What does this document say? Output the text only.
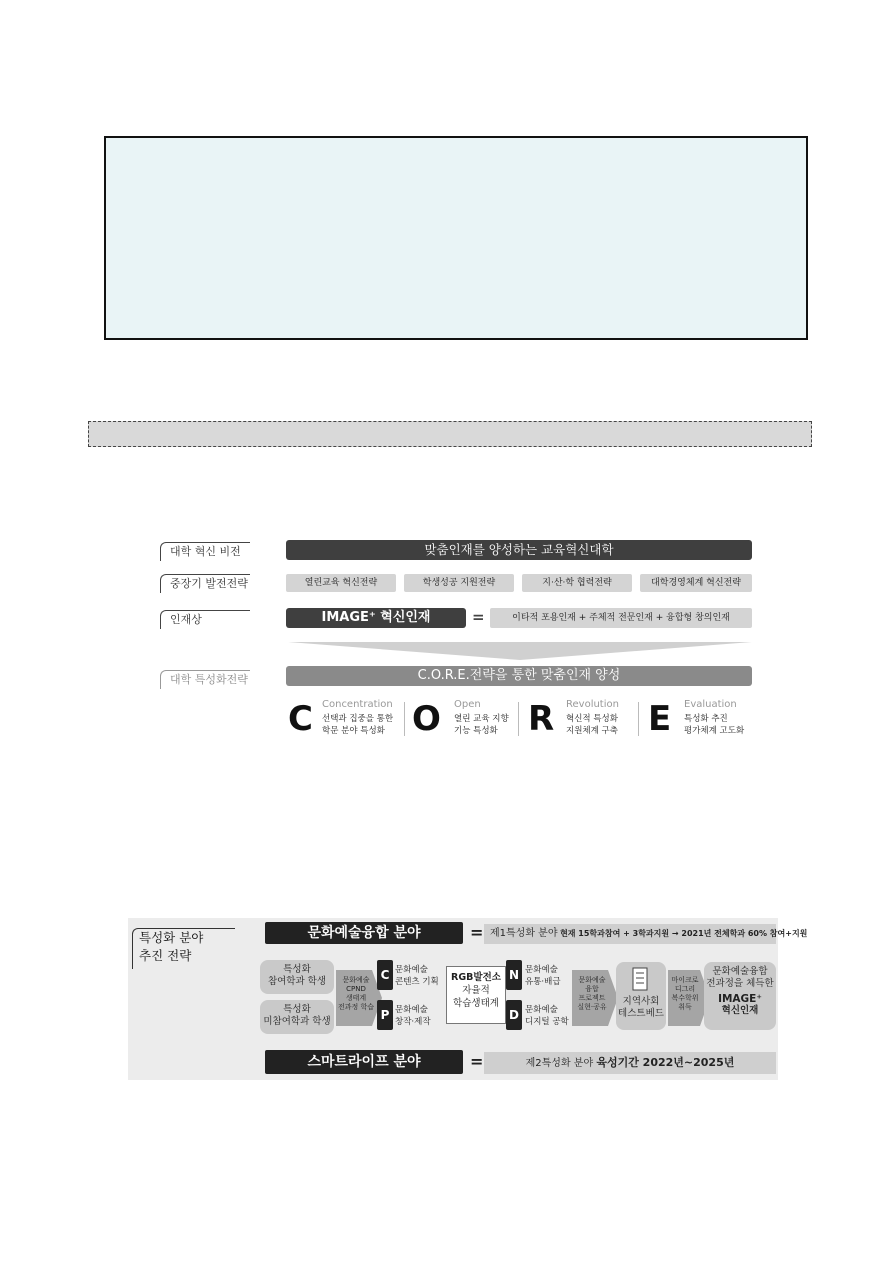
대학 혁신 비전
중장기 발전전략
인재상
대학 특성화전략
맞춤인재를 양성하는 교육혁신대학
열린교육 혁신전략	학생성공 지원전략	지·산·학 협력전략	대학경영체계 혁신전략
IMAGE⁺ 혁신인재	=	이타적 포용인재 + 주체적 전문인재 + 융합형 창의인재
C.O.R.E.전략을 통한 맞춤인재 양성
C Concentration
선택과 집중을 통한
학문 분야 특성화 O Open
열린 교육 지향
기능 특성화 R Revolution
혁신적 특성화
지원체계 구축 E Evaluation
특성화 추진
평가체계 고도화
특성화 분야
추진 전략
문화예술융합 분야	= 제1특성화 분야 현재 15학과참여 + 3학과지원 → 2021년 전체학과 60% 참여+지원
특성화
참여학과 학생
특성화
미참여학과 학생
문화예술
CPND
생태계
전과정 학습
C 문화예술
콘텐츠 기획
P 문화예술
창작·제작
RGB발전소
자율적
학습생태계
N 문화예술
유통·배급
D 문화예술
디지털 공학
문화예술
융합
프로젝트
실현·공유	지역사회
테스트베드
마이크로
디그리
복수학위
취득
문화예술융합
전과정을 체득한
IMAGE⁺
혁신인재
스마트라이프 분야	=	제2특성화 분야 육성기간 2022년~2025년
